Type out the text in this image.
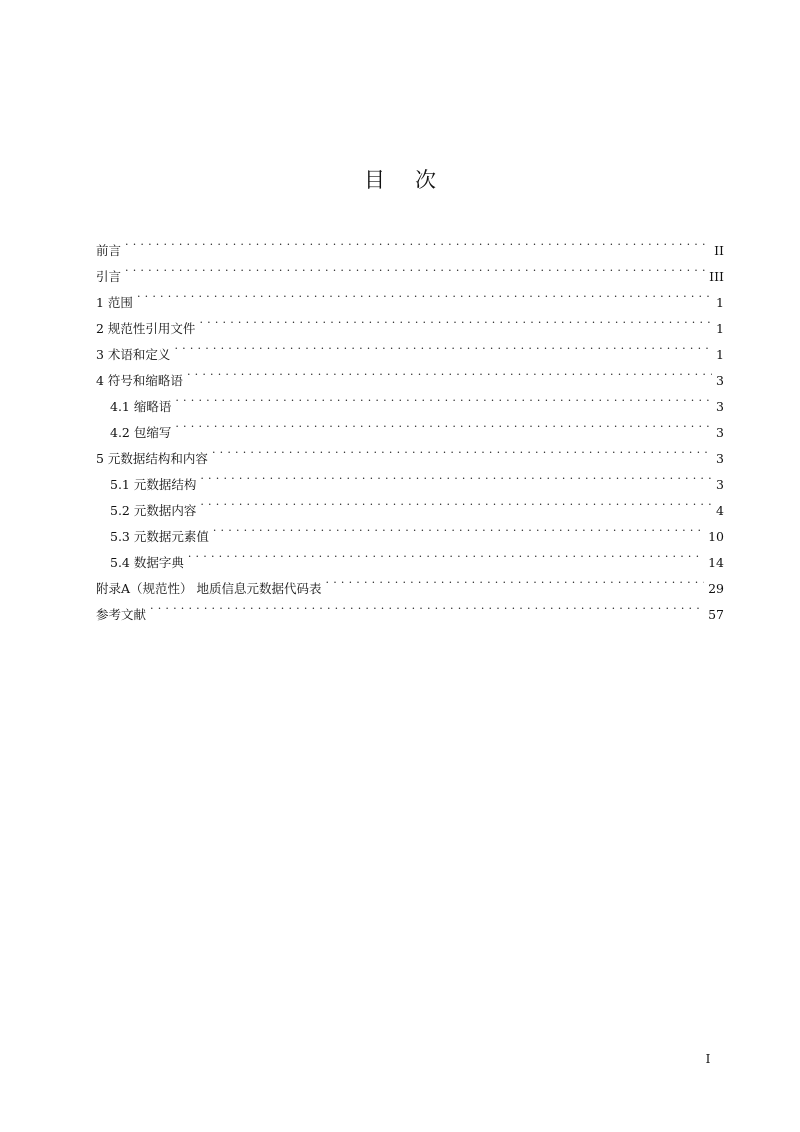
目 次
前言 . . .	II
引言 . . .	III
1 范围 . . .	1
2 规范性引用文件 . . .	1
3 术语和定义 . . .	1
4 符号和缩略语 . . .	3
4.1 缩略语 . . .	3
4.2 包缩写 . . .	3
5 元数据结构和内容 . . .	3
5.1 元数据结构 . . .	3
5.2 元数据内容 . . .	4
5.3 元数据元素值 . . .	10
5.4 数据字典 . . .	14
附录A（规范性） 地质信息元数据代码表 . . .	29
参考文献 . . .	57
I
